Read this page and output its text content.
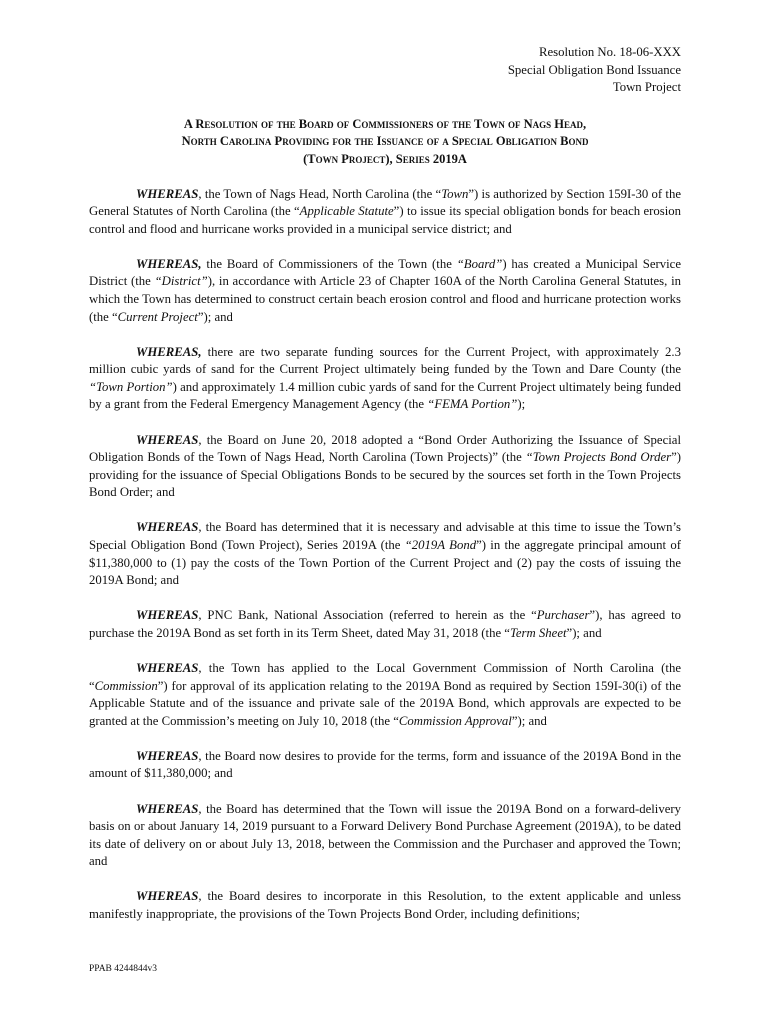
Resolution No. 18-06-XXX
Special Obligation Bond Issuance
Town Project
A Resolution of the Board of Commissioners of the Town of Nags Head,
North Carolina Providing for the Issuance of a Special Obligation Bond
(Town Project), Series 2019A

WHEREAS, the Town of Nags Head, North Carolina (the “Town”) is authorized by Section 159I-30 of the General Statutes of North Carolina (the “Applicable Statute”) to issue its special obligation bonds for beach erosion control and flood and hurricane works provided in a municipal service district; and

WHEREAS, the Board of Commissioners of the Town (the “Board”) has created a Municipal Service District (the “District”), in accordance with Article 23 of Chapter 160A of the North Carolina General Statutes, in which the Town has determined to construct certain beach erosion control and flood and hurricane protection works (the “Current Project”); and

WHEREAS, there are two separate funding sources for the Current Project, with approximately 2.3 million cubic yards of sand for the Current Project ultimately being funded by the Town and Dare County (the “Town Portion”) and approximately 1.4 million cubic yards of sand for the Current Project ultimately being funded by a grant from the Federal Emergency Management Agency (the “FEMA Portion”);

WHEREAS, the Board on June 20, 2018 adopted a “Bond Order Authorizing the Issuance of Special Obligation Bonds of the Town of Nags Head, North Carolina (Town Projects)” (the “Town Projects Bond Order”) providing for the issuance of Special Obligations Bonds to be secured by the sources set forth in the Town Projects Bond Order; and

WHEREAS, the Board has determined that it is necessary and advisable at this time to issue the Town’s Special Obligation Bond (Town Project), Series 2019A (the “2019A Bond”) in the aggregate principal amount of $11,380,000 to (1) pay the costs of the Town Portion of the Current Project and (2) pay the costs of issuing the 2019A Bond; and

WHEREAS, PNC Bank, National Association (referred to herein as the “Purchaser”), has agreed to purchase the 2019A Bond as set forth in its Term Sheet, dated May 31, 2018 (the “Term Sheet”); and

WHEREAS, the Town has applied to the Local Government Commission of North Carolina (the “Commission”) for approval of its application relating to the 2019A Bond as required by Section 159I-30(i) of the Applicable Statute and of the issuance and private sale of the 2019A Bond, which approvals are expected to be granted at the Commission’s meeting on July 10, 2018 (the “Commission Approval”); and

WHEREAS, the Board now desires to provide for the terms, form and issuance of the 2019A Bond in the amount of $11,380,000; and

WHEREAS, the Board has determined that the Town will issue the 2019A Bond on a forward-delivery basis on or about January 14, 2019 pursuant to a Forward Delivery Bond Purchase Agreement (2019A), to be dated its date of delivery on or about July 13, 2018, between the Commission and the Purchaser and approved the Town; and

WHEREAS, the Board desires to incorporate in this Resolution, to the extent applicable and unless manifestly inappropriate, the provisions of the Town Projects Bond Order, including definitions;

PPAB 4244844v3
